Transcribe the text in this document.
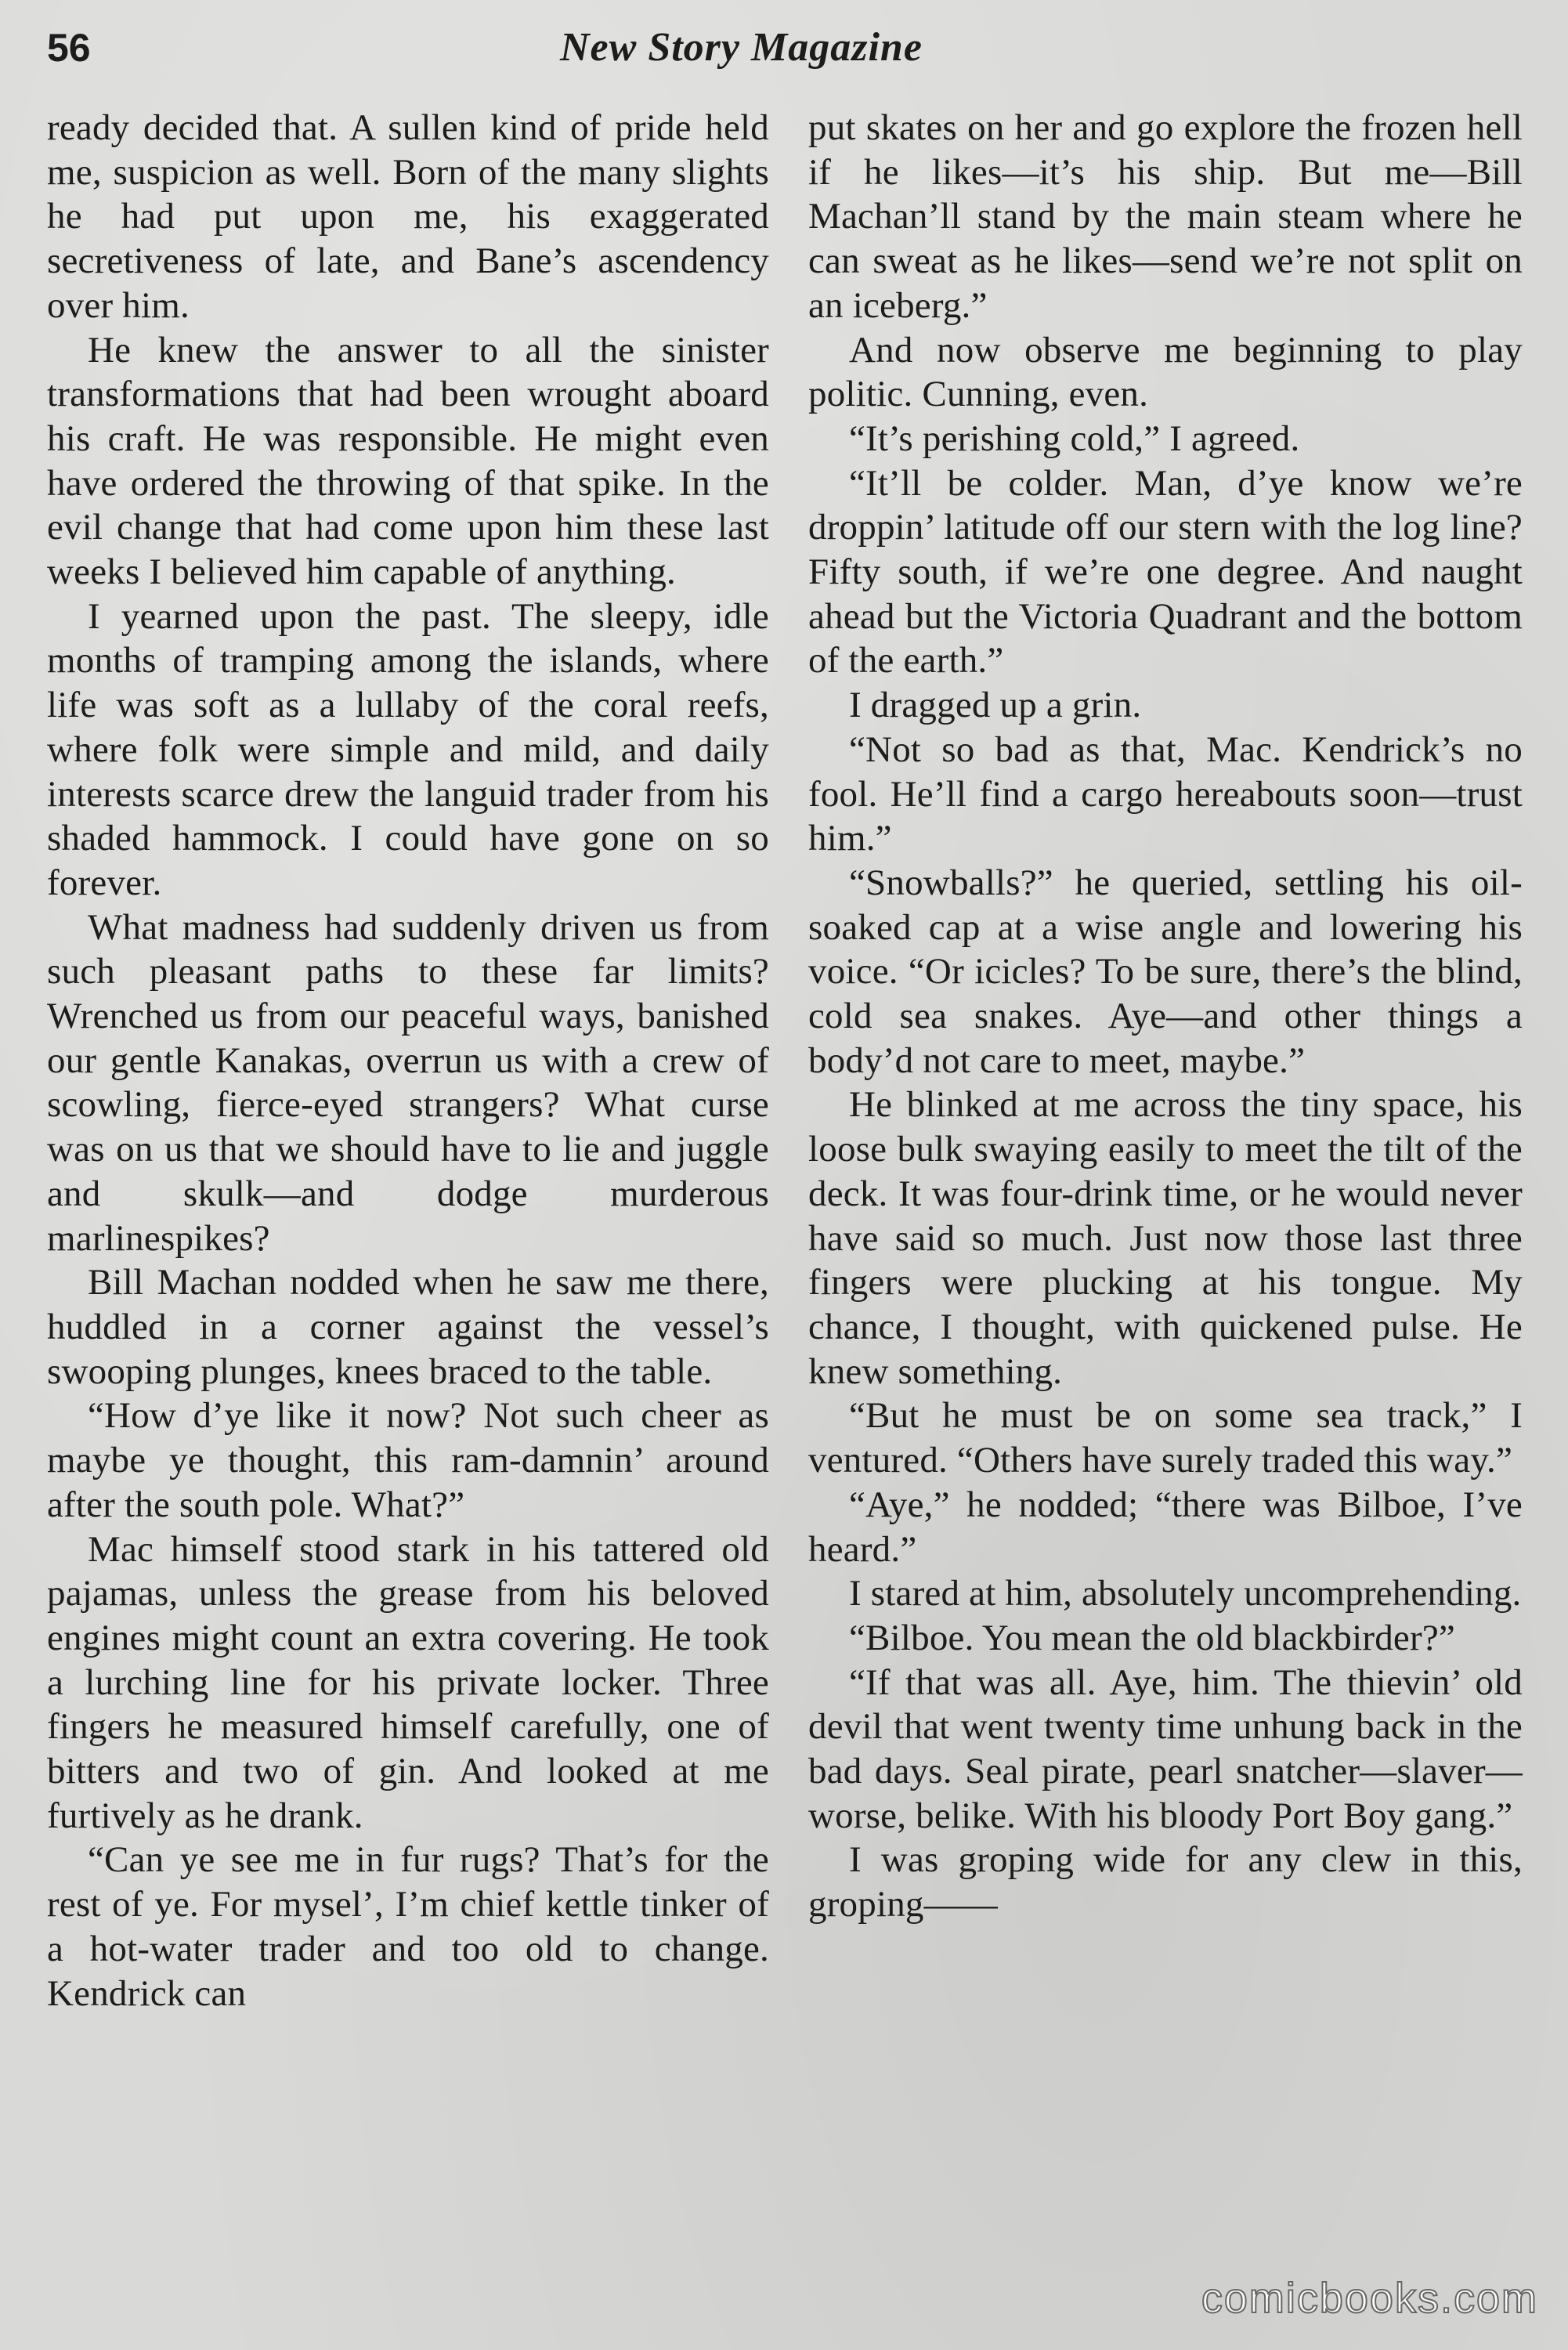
56	New Story Magazine

ready decided that. A sullen kind of pride held me, suspicion as well. Born of the many slights he had put upon me, his exaggerated secretiveness of late, and Bane’s ascendency over him.

He knew the answer to all the sinister transformations that had been wrought aboard his craft. He was responsible. He might even have ordered the throwing of that spike. In the evil change that had come upon him these last weeks I believed him capable of anything.

I yearned upon the past. The sleepy, idle months of tramping among the islands, where life was soft as a lullaby of the coral reefs, where folk were simple and mild, and daily interests scarce drew the languid trader from his shaded hammock. I could have gone on so forever.

What madness had suddenly driven us from such pleasant paths to these far limits? Wrenched us from our peaceful ways, banished our gentle Kanakas, overrun us with a crew of scowling, fierce-eyed strangers? What curse was on us that we should have to lie and juggle and skulk—and dodge murderous marlinespikes?

Bill Machan nodded when he saw me there, huddled in a corner against the vessel’s swooping plunges, knees braced to the table.

“How d’ye like it now? Not such cheer as maybe ye thought, this ram-damnin’ around after the south pole. What?”

Mac himself stood stark in his tattered old pajamas, unless the grease from his beloved engines might count an extra covering. He took a lurching line for his private locker. Three fingers he measured himself carefully, one of bitters and two of gin. And looked at me furtively as he drank.

“Can ye see me in fur rugs? That’s for the rest of ye. For mysel’, I’m chief kettle tinker of a hot-water trader and too old to change. Kendrick can

put skates on her and go explore the frozen hell if he likes—it’s his ship. But me—Bill Machan’ll stand by the main steam where he can sweat as he likes—send we’re not split on an iceberg.”

And now observe me beginning to play politic. Cunning, even.

“It’s perishing cold,” I agreed.

“It’ll be colder. Man, d’ye know we’re droppin’ latitude off our stern with the log line? Fifty south, if we’re one degree. And naught ahead but the Victoria Quadrant and the bottom of the earth.”

I dragged up a grin.

“Not so bad as that, Mac. Kendrick’s no fool. He’ll find a cargo hereabouts soon—trust him.”

“Snowballs?” he queried, settling his oil-soaked cap at a wise angle and lowering his voice. “Or icicles? To be sure, there’s the blind, cold sea snakes. Aye—and other things a body’d not care to meet, maybe.”

He blinked at me across the tiny space, his loose bulk swaying easily to meet the tilt of the deck. It was four-drink time, or he would never have said so much. Just now those last three fingers were plucking at his tongue. My chance, I thought, with quickened pulse. He knew something.

“But he must be on some sea track,” I ventured. “Others have surely traded this way.”

“Aye,” he nodded; “there was Bilboe, I’ve heard.”

I stared at him, absolutely uncomprehending.

“Bilboe. You mean the old blackbirder?”

“If that was all. Aye, him. The thievin’ old devil that went twenty time unhung back in the bad days. Seal pirate, pearl snatcher—slaver—worse, belike. With his bloody Port Boy gang.”

I was groping wide for any clew in this, groping——

comicbooks.com
